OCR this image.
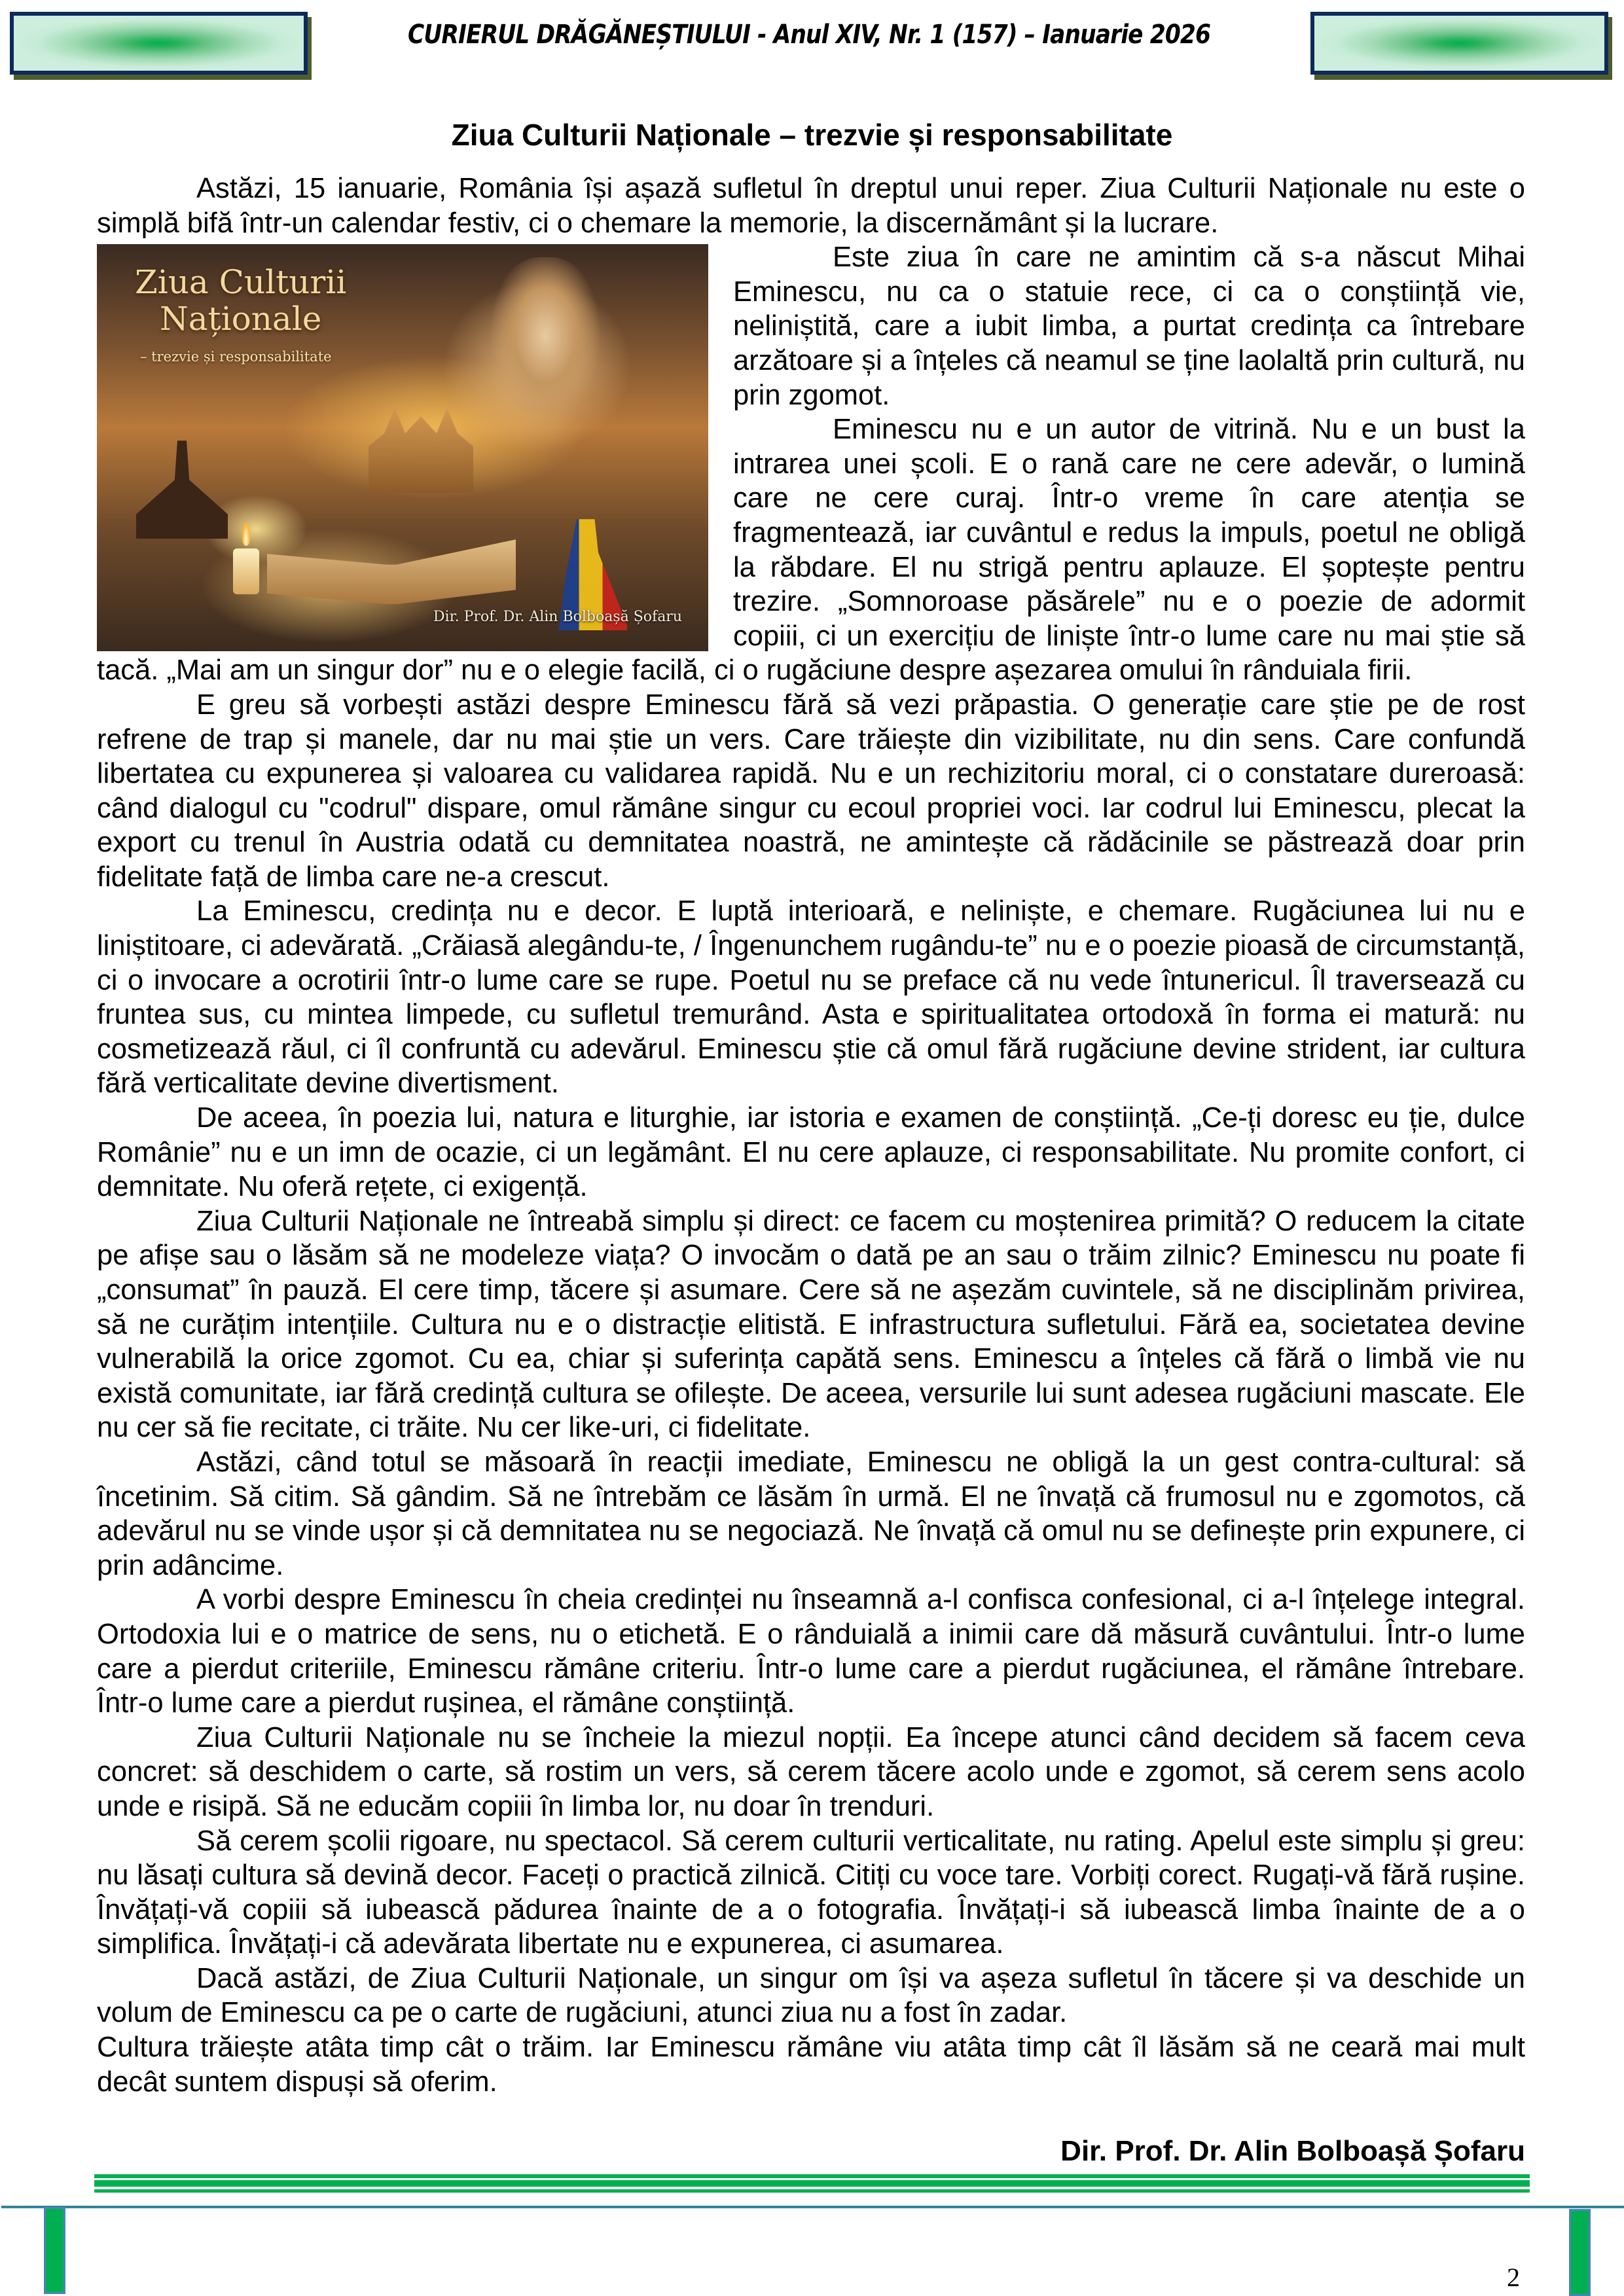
CURIERUL DRĂGĂNEȘTIULUI - Anul XIV, Nr. 1 (157) – Ianuarie 2026
Ziua Culturii Naționale – trezvie și responsabilitate

Astăzi, 15 ianuarie, România își așază sufletul în dreptul unui reper. Ziua Culturii Naționale nu este o simplă bifă într-un calendar festiv, ci o chemare la memorie, la discernământ și la lucrare.

Ziua Culturii
Naționale
– trezvie și responsabilitate
Dir. Prof. Dr. Alin Bolboașă Șofaru

Este ziua în care ne amintim că s-a născut Mihai Eminescu, nu ca o statuie rece, ci ca o conștiință vie, neliniștită, care a iubit limba, a purtat credința ca întrebare arzătoare și a înțeles că neamul se ține laolaltă prin cultură, nu prin zgomot.

Eminescu nu e un autor de vitrină. Nu e un bust la intrarea unei școli. E o rană care ne cere adevăr, o lumină care ne cere curaj. Într-o vreme în care atenția se fragmentează, iar cuvântul e redus la impuls, poetul ne obligă la răbdare. El nu strigă pentru aplauze. El șoptește pentru trezire. „Somnoroase păsărele” nu e o poezie de adormit copiii, ci un exercițiu de liniște într-o lume care nu mai știe să tacă. „Mai am un singur dor” nu e o elegie facilă, ci o rugăciune despre așezarea omului în rânduiala firii.

E greu să vorbești astăzi despre Eminescu fără să vezi prăpastia. O generație care știe pe de rost refrene de trap și manele, dar nu mai știe un vers. Care trăiește din vizibilitate, nu din sens. Care confundă libertatea cu expunerea și valoarea cu validarea rapidă. Nu e un rechizitoriu moral, ci o constatare dureroasă: când dialogul cu "codrul" dispare, omul rămâne singur cu ecoul propriei voci. Iar codrul lui Eminescu, plecat la export cu trenul în Austria odată cu demnitatea noastră, ne amintește că rădăcinile se păstrează doar prin fidelitate față de limba care ne-a crescut.

La Eminescu, credința nu e decor. E luptă interioară, e neliniște, e chemare. Rugăciunea lui nu e liniștitoare, ci adevărată. „Crăiasă alegându-te, / Îngenunchem rugându-te” nu e o poezie pioasă de circumstanță, ci o invocare a ocrotirii într-o lume care se rupe. Poetul nu se preface că nu vede întunericul. Îl traversează cu fruntea sus, cu mintea limpede, cu sufletul tremurând. Asta e spiritualitatea ortodoxă în forma ei matură: nu cosmetizează răul, ci îl confruntă cu adevărul. Eminescu știe că omul fără rugăciune devine strident, iar cultura fără verticalitate devine divertisment.

De aceea, în poezia lui, natura e liturghie, iar istoria e examen de conștiință. „Ce-ți doresc eu ție, dulce Românie” nu e un imn de ocazie, ci un legământ. El nu cere aplauze, ci responsabilitate. Nu promite confort, ci demnitate. Nu oferă rețete, ci exigență.

Ziua Culturii Naționale ne întreabă simplu și direct: ce facem cu moștenirea primită? O reducem la citate pe afișe sau o lăsăm să ne modeleze viața? O invocăm o dată pe an sau o trăim zilnic? Eminescu nu poate fi „consumat” în pauză. El cere timp, tăcere și asumare. Cere să ne așezăm cuvintele, să ne disciplinăm privirea, să ne curățim intențiile. Cultura nu e o distracție elitistă. E infrastructura sufletului. Fără ea, societatea devine vulnerabilă la orice zgomot. Cu ea, chiar și suferința capătă sens. Eminescu a înțeles că fără o limbă vie nu există comunitate, iar fără credință cultura se ofilește. De aceea, versurile lui sunt adesea rugăciuni mascate. Ele nu cer să fie recitate, ci trăite. Nu cer like-uri, ci fidelitate.

Astăzi, când totul se măsoară în reacții imediate, Eminescu ne obligă la un gest contra-cultural: să încetinim. Să citim. Să gândim. Să ne întrebăm ce lăsăm în urmă. El ne învață că frumosul nu e zgomotos, că adevărul nu se vinde ușor și că demnitatea nu se negociază. Ne învață că omul nu se definește prin expunere, ci prin adâncime.

A vorbi despre Eminescu în cheia credinței nu înseamnă a-l confisca confesional, ci a-l înțelege integral. Ortodoxia lui e o matrice de sens, nu o etichetă. E o rânduială a inimii care dă măsură cuvântului. Într-o lume care a pierdut criteriile, Eminescu rămâne criteriu. Într-o lume care a pierdut rugăciunea, el rămâne întrebare. Într-o lume care a pierdut rușinea, el rămâne conștiință.

Ziua Culturii Naționale nu se încheie la miezul nopții. Ea începe atunci când decidem să facem ceva concret: să deschidem o carte, să rostim un vers, să cerem tăcere acolo unde e zgomot, să cerem sens acolo unde e risipă. Să ne educăm copiii în limba lor, nu doar în trenduri.

Să cerem școlii rigoare, nu spectacol. Să cerem culturii verticalitate, nu rating. Apelul este simplu și greu: nu lăsați cultura să devină decor. Faceți o practică zilnică. Citiți cu voce tare. Vorbiți corect. Rugați-vă fără rușine. Învățați-vă copiii să iubească pădurea înainte de a o fotografia. Învățați-i să iubească limba înainte de a o simplifica. Învățați-i că adevărata libertate nu e expunerea, ci asumarea.

Dacă astăzi, de Ziua Culturii Naționale, un singur om își va așeza sufletul în tăcere și va deschide un volum de Eminescu ca pe o carte de rugăciuni, atunci ziua nu a fost în zadar.

Cultura trăiește atâta timp cât o trăim. Iar Eminescu rămâne viu atâta timp cât îl lăsăm să ne ceară mai mult decât suntem dispuși să oferim.

Dir. Prof. Dr. Alin Bolboașă Șofaru
2
